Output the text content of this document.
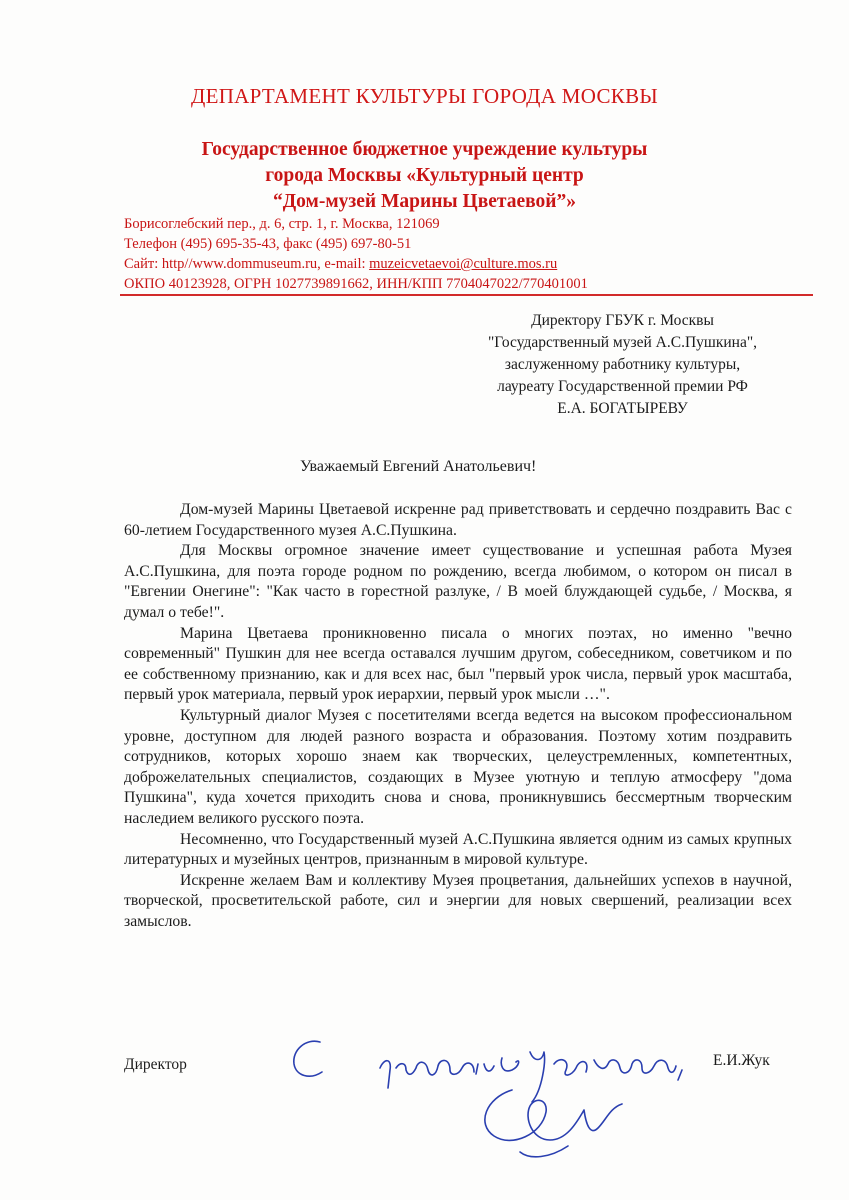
ДЕПАРТАМЕНТ КУЛЬТУРЫ ГОРОДА МОСКВЫ
Государственное бюджетное учреждение культуры
города Москвы «Культурный центр
“Дом-музей Марины Цветаевой”»
Борисоглебский пер., д. 6, стр. 1, г. Москва, 121069
Телефон (495) 695-35-43, факс (495) 697-80-51
Сайт: http//www.dommuseum.ru, e-mail: muzeicvetaevoi@culture.mos.ru
ОКПО 40123928, ОГРН 1027739891662, ИНН/КПП 7704047022/770401001
Директору ГБУК г. Москвы
"Государственный музей А.С.Пушкина",
заслуженному работнику культуры,
лауреату Государственной премии РФ
Е.А. БОГАТЫРЕВУ
Уважаемый Евгений Анатольевич!

Дом-музей Марины Цветаевой искренне рад приветствовать и сердечно поздравить Вас с 60-летием Государственного музея А.С.Пушкина.

Для Москвы огромное значение имеет существование и успешная работа Музея А.С.Пушкина, для поэта городе родном по рождению, всегда любимом, о котором он писал в "Евгении Онегине": "Как часто в горестной разлуке, / В моей блуждающей судьбе, / Москва, я думал о тебе!".

Марина Цветаева проникновенно писала о многих поэтах, но именно "вечно современный" Пушкин для нее всегда оставался лучшим другом, собеседником, советчиком и по ее собственному признанию, как и для всех нас, был "первый урок числа, первый урок масштаба, первый урок материала, первый урок иерархии, первый урок мысли …".

Культурный диалог Музея с посетителями всегда ведется на высоком профессиональном уровне, доступном для людей разного возраста и образования. Поэтому хотим поздравить сотрудников, которых хорошо знаем как творческих, целеустремленных, компетентных, доброжелательных специалистов, создающих в Музее уютную и теплую атмосферу "дома Пушкина", куда хочется приходить снова и снова, проникнувшись бессмертным творческим наследием великого русского поэта.

Несомненно, что Государственный музей А.С.Пушкина является одним из самых крупных литературных и музейных центров, признанным в мировой культуре.

Искренне желаем Вам и коллективу Музея процветания, дальнейших успехов в научной, творческой, просветительской работе, сил и энергии для новых свершений, реализации всех замыслов.

Директор	Е.И.Жук
